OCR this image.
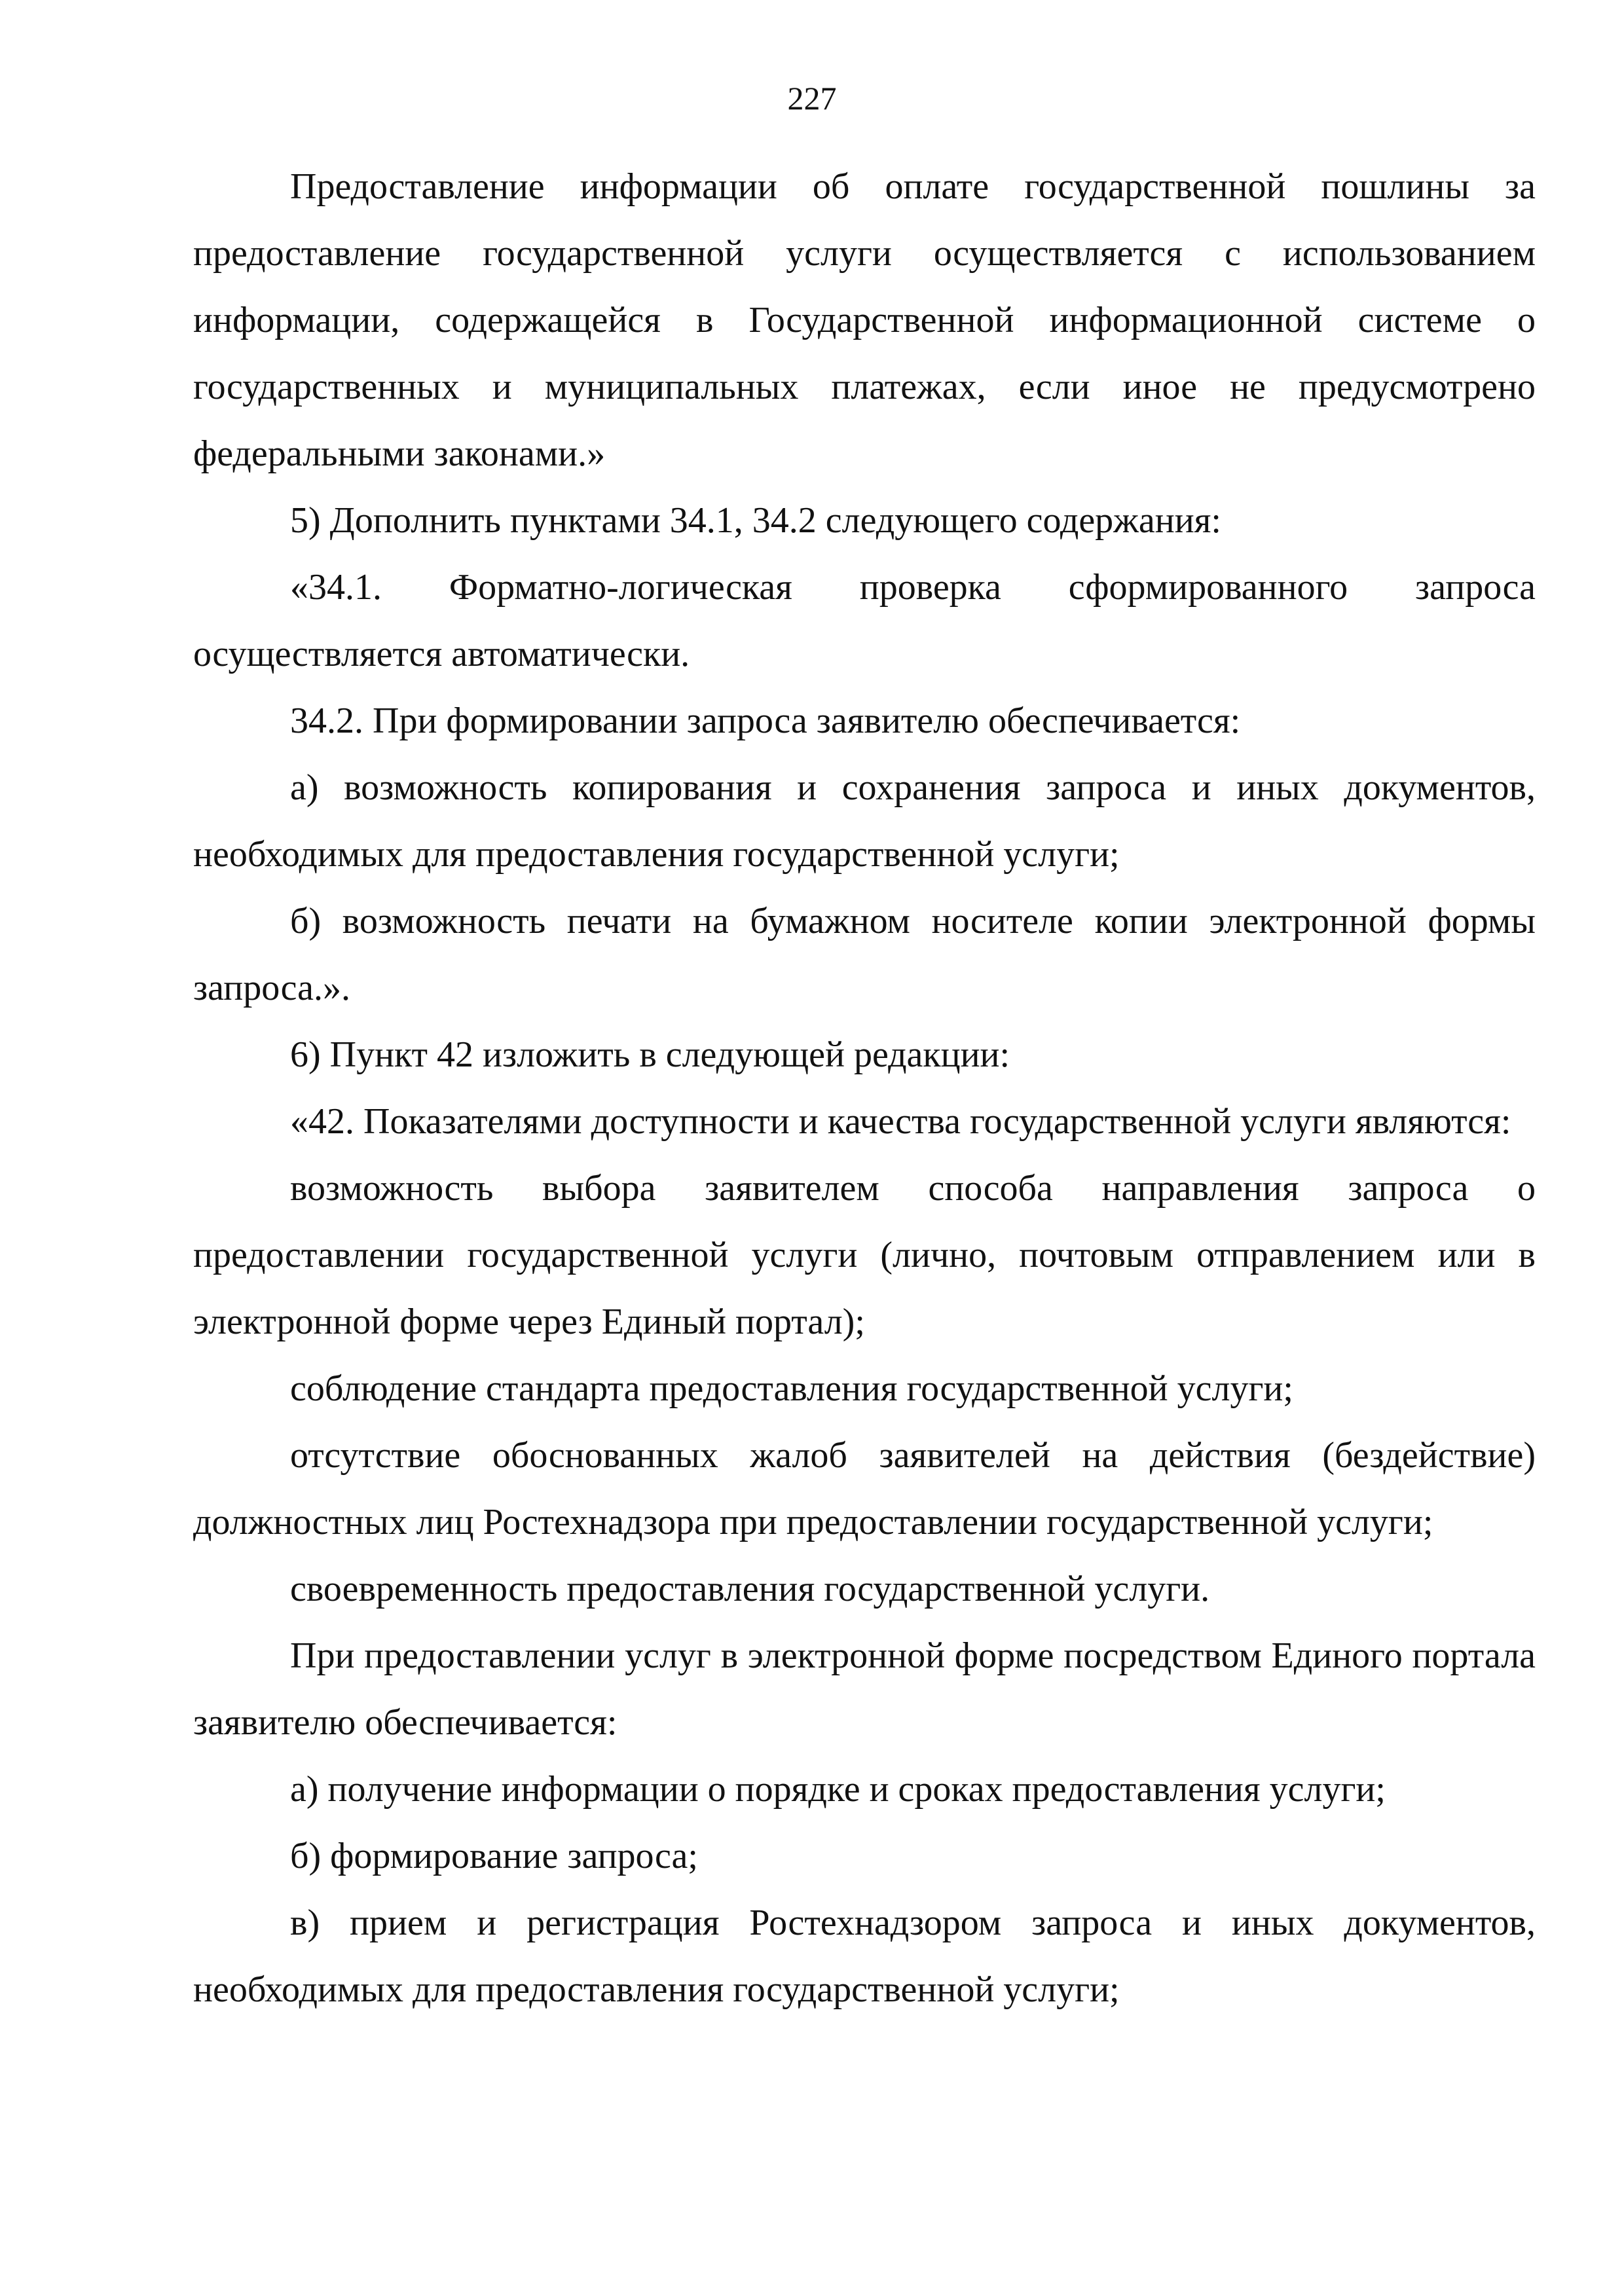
227

Предоставление информации об оплате государственной пошлины за предоставление государственной услуги осуществляется с использованием информации, содержащейся в Государственной информационной системе о государственных и муниципальных платежах, если иное не предусмотрено федеральными законами.»

5) Дополнить пунктами 34.1, 34.2 следующего содержания:

«34.1. Форматно-логическая проверка сформированного запроса осуществляется автоматически.

34.2. При формировании запроса заявителю обеспечивается:

а) возможность копирования и сохранения запроса и иных документов, необходимых для предоставления государственной услуги;

б) возможность печати на бумажном носителе копии электронной формы запроса.».

6) Пункт 42 изложить в следующей редакции:

«42. Показателями доступности и качества государственной услуги являются:

возможность выбора заявителем способа направления запроса о предоставлении государственной услуги (лично, почтовым отправлением или в электронной форме через Единый портал);

соблюдение стандарта предоставления государственной услуги;

отсутствие обоснованных жалоб заявителей на действия (бездействие) должностных лиц Ростехнадзора при предоставлении государственной услуги;

своевременность предоставления государственной услуги.

При предоставлении услуг в электронной форме посредством Единого портала заявителю обеспечивается:

а) получение информации о порядке и сроках предоставления услуги;

б) формирование запроса;

в) прием и регистрация Ростехнадзором запроса и иных документов, необходимых для предоставления государственной услуги;
